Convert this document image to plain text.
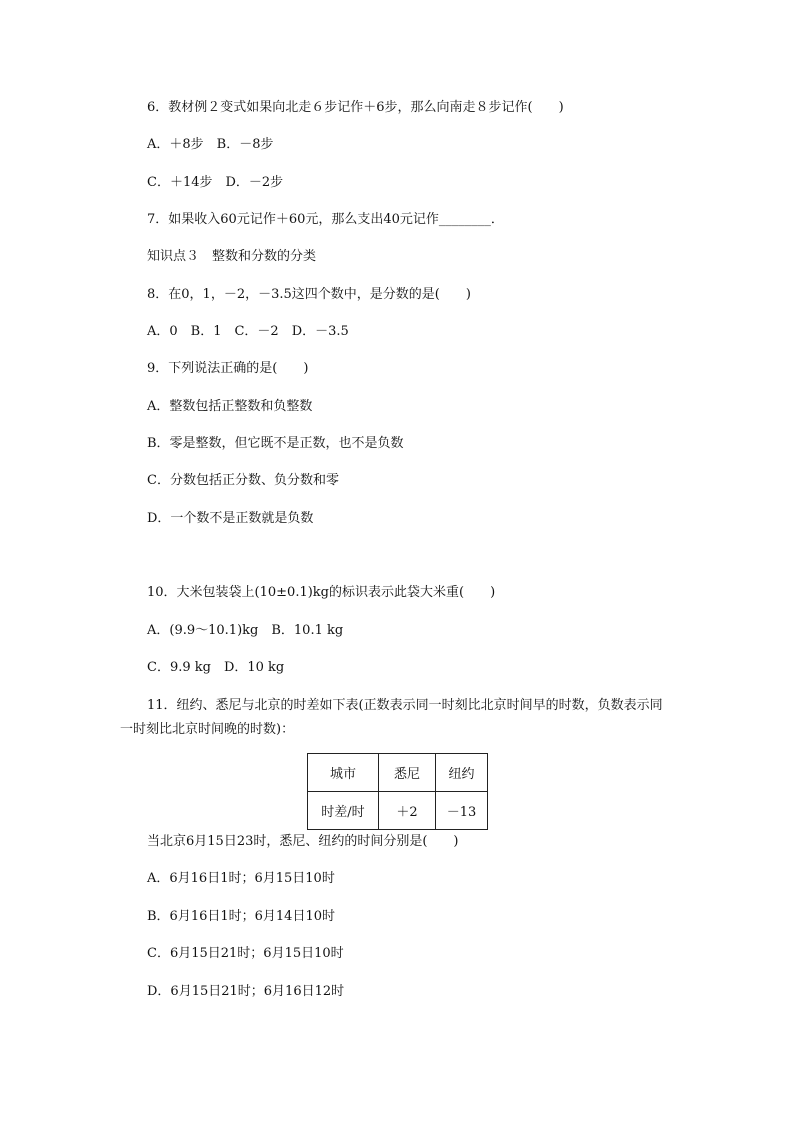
6．教材例２变式如果向北走６步记作＋6步，那么向南走８步记作(　　)
A．＋8步　B．－8步
C．＋14步　D．－2步
7．如果收入60元记作＋60元，那么支出40元记作________．
知识点３　整数和分数的分类
8．在0，1，－2，－3.5这四个数中，是分数的是(　　)
A．0　B．1　C．－2　D．－3.5
9．下列说法正确的是(　　)
A．整数包括正整数和负整数
B．零是整数，但它既不是正数，也不是负数
C．分数包括正分数、负分数和零
D．一个数不是正数就是负数
10．大米包装袋上(10±0.1)kg的标识表示此袋大米重(　　)
A．(9.9～10.1)kg　B．10.1 kg
C．9.9 kg　D．10 kg
11．纽约、悉尼与北京的时差如下表(正数表示同一时刻比北京时间早的时数，负数表示同一时刻比北京时间晚的时数)：
城市	悉尼	纽约
时差/时	＋2	－13
当北京6月15日23时，悉尼、纽约的时间分别是(　　)
A．6月16日1时；6月15日10时
B．6月16日1时；6月14日10时
C．6月15日21时；6月15日10时
D．6月15日21时；6月16日12时
